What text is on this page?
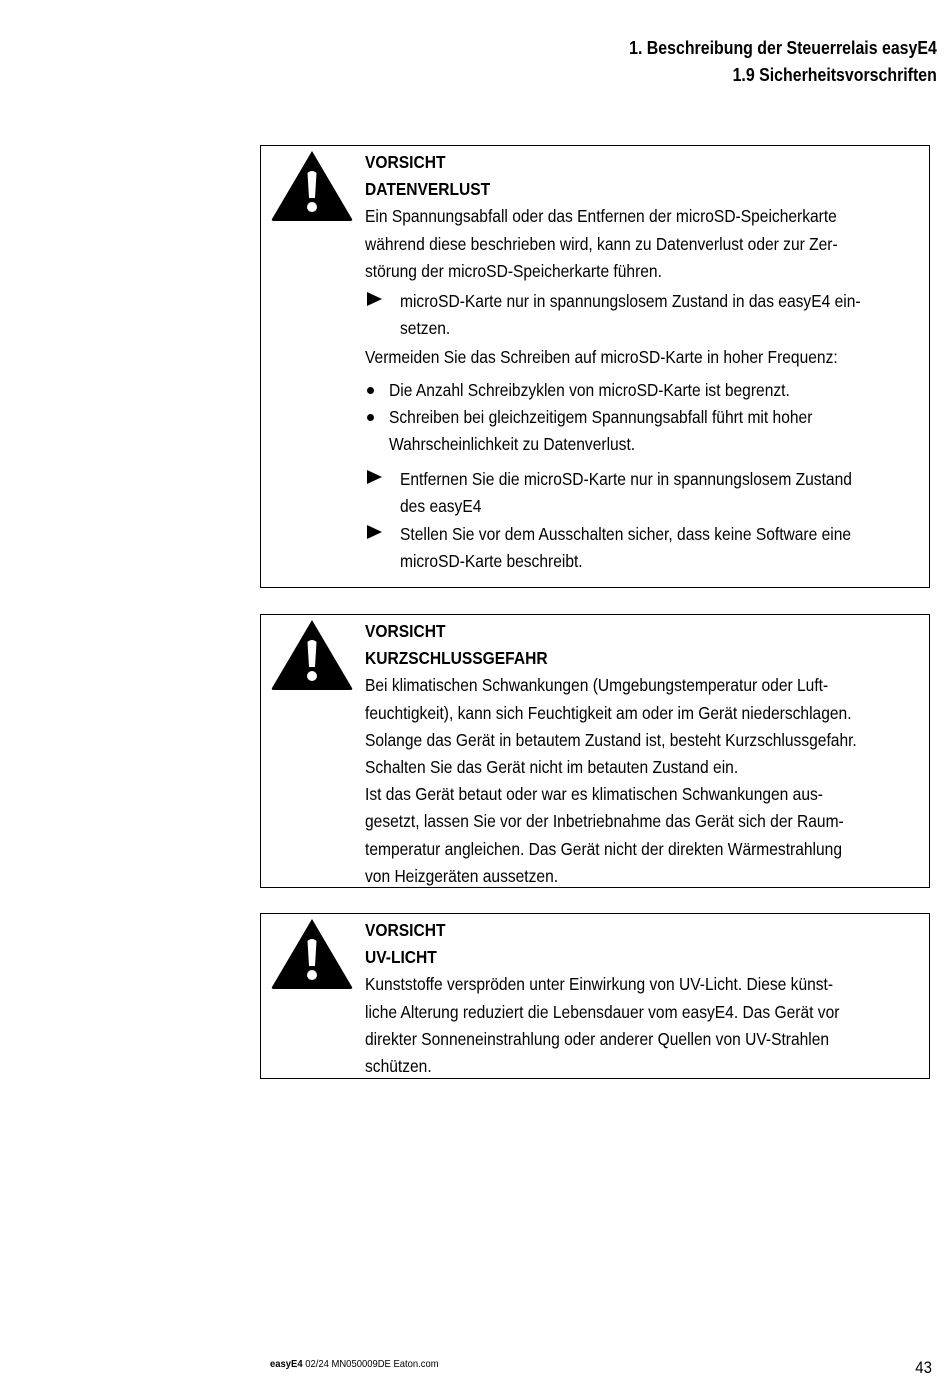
1. Beschreibung der Steuerrelais easyE4
1.9 Sicherheitsvorschriften

VORSICHT

DATENVERLUST

Ein Spannungsabfall oder das Entfernen der microSD-Speicherkarte

während diese beschrieben wird, kann zu Datenverlust oder zur Zer-

störung der microSD-Speicherkarte führen.

microSD-Karte nur in spannungslosem Zustand in das easyE4 ein-
setzen.

Vermeiden Sie das Schreiben auf microSD-Karte in hoher Frequenz:

Die Anzahl Schreibzyklen von microSD-Karte ist begrenzt.
Schreiben bei gleichzeitigem Spannungsabfall führt mit hoher
Wahrscheinlichkeit zu Datenverlust.
Entfernen Sie die microSD-Karte nur in spannungslosem Zustand
des easyE4
Stellen Sie vor dem Ausschalten sicher, dass keine Software eine
microSD-Karte beschreibt.

VORSICHT

KURZSCHLUSSGEFAHR

Bei klimatischen Schwankungen (Umgebungstemperatur oder Luft-

feuchtigkeit), kann sich Feuchtigkeit am oder im Gerät niederschlagen.

Solange das Gerät in betautem Zustand ist, besteht Kurzschlussgefahr.

Schalten Sie das Gerät nicht im betauten Zustand ein.

Ist das Gerät betaut oder war es klimatischen Schwankungen aus-

gesetzt, lassen Sie vor der Inbetriebnahme das Gerät sich der Raum-

temperatur angleichen. Das Gerät nicht der direkten Wärmestrahlung

von Heizgeräten aussetzen.

VORSICHT

UV-LICHT

Kunststoffe verspröden unter Einwirkung von UV-Licht. Diese künst-

liche Alterung reduziert die Lebensdauer vom easyE4. Das Gerät vor

direkter Sonneneinstrahlung oder anderer Quellen von UV-Strahlen

schützen.

easyE4 02/24 MN050009DE Eaton.com	43
